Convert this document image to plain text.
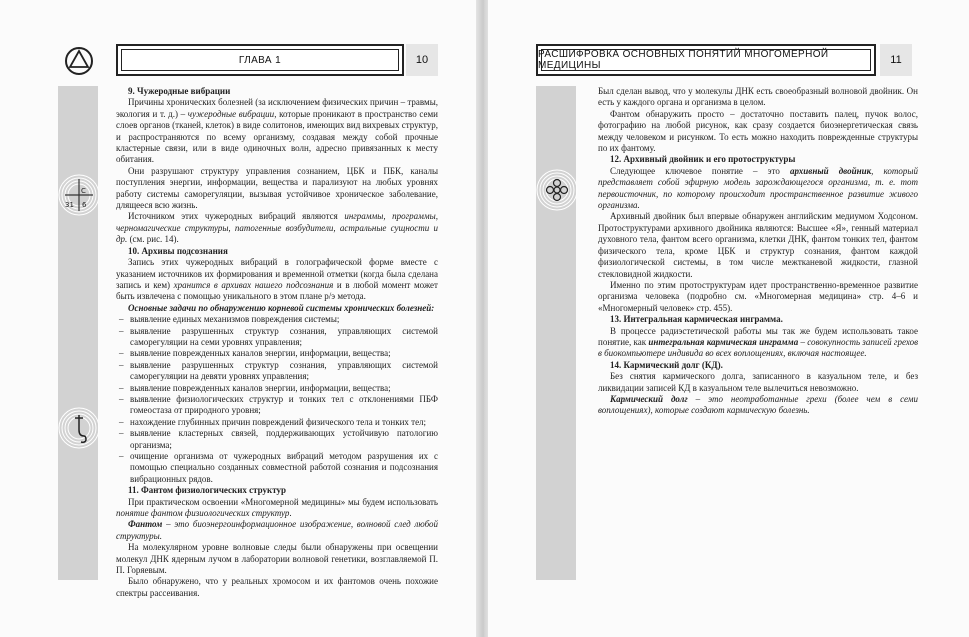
ГЛАВА 1	10
С
31 6

9. Чужеродные вибрации

Причины хронических болезней (за исключением физических причин – травмы, экология и т. д.) – чужеродные вибрации, которые проникают в пространство семи слоев органов (тканей, клеток) в виде солитонов, имеющих вид вихревых структур, и распространяются по всему организму, создавая между собой прочные кластерные связи, или в виде одиночных волн, адресно привязанных к месту обитания.

Они разрушают структуру управления сознанием, ЦБК и ПБК, каналы поступления энергии, информации, вещества и парализуют на любых уровнях работу системы саморегуляции, вызывая устойчивое хроническое заболевание, длящееся всю жизнь.

Источником этих чужеродных вибраций являются инграммы, программы, черномагические структуры, патогенные возбудители, астральные сущности и др. (см. рис. 14).

10. Архивы подсознания

Запись этих чужеродных вибраций в голографической форме вместе с указанием источников их формирования и временной отметки (когда была сделана запись и кем) хранится в архивах нашего подсознания и в любой момент может быть извлечена с помощью уникального в этом плане р/э метода.

Основные задачи по обнаружению корневой системы хронических болезней:

– выявление единых механизмов повреждения системы;
– выявление разрушенных структур сознания, управляющих системой саморегуляции на семи уровнях управления;
– выявление поврежденных каналов энергии, информации, вещества;
– выявление разрушенных структур сознания, управляющих системой саморегуляции на девяти уровнях управления;
– выявление поврежденных каналов энергии, информации, вещества;
– выявление физиологических структур и тонких тел с отклонениями ПБФ гомеостаза от природного уровня;
– нахождение глубинных причин повреждений физического тела и тонких тел;
– выявление кластерных связей, поддерживающих устойчивую патологию организма;
– очищение организма от чужеродных вибраций методом разрушения их с помощью специально созданных совместной работой сознания и подсознания вибрационных рядов.

11. Фантом физиологических структур

При практическом освоении «Многомерной медицины» мы будем использовать понятие фантом физиологических структур.

Фантом – это биоэнергоинформационное изображение, волновой след любой структуры.

На молекулярном уровне волновые следы были обнаружены при освещении молекул ДНК ядерным лучом в лаборатории волновой генетики, возглавляемой П. П. Горяевым.

Было обнаружено, что у реальных хромосом и их фантомов очень похожие спектры рассеивания.

РАСШИФРОВКА ОСНОВНЫХ ПОНЯТИЙ МНОГОМЕРНОЙ МЕДИЦИНЫ	11

Был сделан вывод, что у молекулы ДНК есть своеобразный волновой двойник. Он есть у каждого органа и организма в целом.

Фантом обнаружить просто – достаточно поставить палец, пучок волос, фотографию на любой рисунок, как сразу создается биоэнергетическая связь между человеком и рисунком. То есть можно находить поврежденные структуры по их фантому.

12. Архивный двойник и его протоструктуры

Следующее ключевое понятие – это архивный двойник, который представляет собой эфирную модель зарождающегося организма, т. е. тот первоисточник, по которому происходит пространственное развитие живого организма.

Архивный двойник был впервые обнаружен английским медиумом Ходсоном. Протоструктурами архивного двойника являются: Высшее «Я», генный материал духовного тела, фантом всего организма, клетки ДНК, фантом тонких тел, фантом физического тела, кроме ЦБК и структур сознания, фантом каждой физиологической системы, в том числе межтканевой жидкости, глазной стекловидной жидкости.

Именно по этим протоструктурам идет пространственно-временное развитие организма человека (подробно см. «Многомерная медицина» стр. 4–6 и «Многомерный человек» стр. 455).

13. Интегральная кармическая инграмма.

В процессе радиэстетической работы мы так же будем использовать такое понятие, как интегральная кармическая инграмма – совокупность записей грехов в биокомпьютере индивида во всех воплощениях, включая настоящее.

14. Кармический долг (КД).

Без снятия кармического долга, записанного в казуальном теле, и без ликвидации записей КД в казуальном теле вылечиться невозможно.

Кармический долг – это неотработанные грехи (более чем в семи воплощениях), которые создают кармическую болезнь.
